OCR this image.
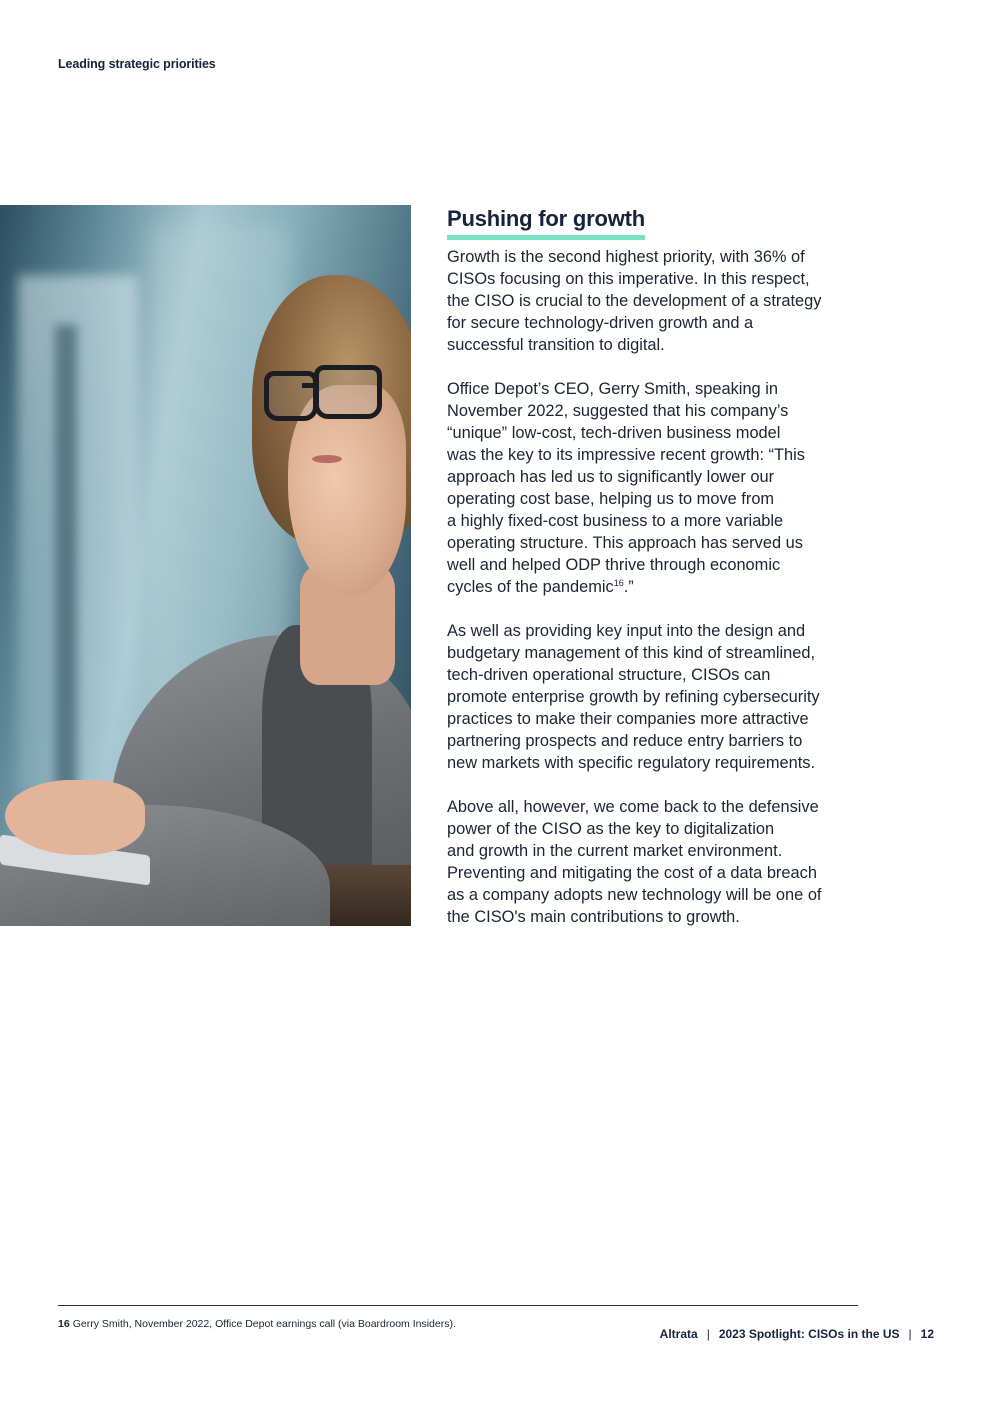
Leading strategic priorities
Pushing for growth

Growth is the second highest priority, with 36% of
CISOs focusing on this imperative. In this respect,
the CISO is crucial to the development of a strategy
for secure technology-driven growth and a
successful transition to digital.

Office Depot’s CEO, Gerry Smith, speaking in
November 2022, suggested that his company’s
“unique” low-cost, tech-driven business model
was the key to its impressive recent growth: “This
approach has led us to significantly lower our
operating cost base, helping us to move from
a highly fixed-cost business to a more variable
operating structure. This approach has served us
well and helped ODP thrive through economic
cycles of the pandemic$^{16}$.”

As well as providing key input into the design and
budgetary management of this kind of streamlined,
tech-driven operational structure, CISOs can
promote enterprise growth by refining cybersecurity
practices to make their companies more attractive
partnering prospects and reduce entry barriers to
new markets with specific regulatory requirements.

Above all, however, we come back to the defensive
power of the CISO as the key to digitalization
and growth in the current market environment.
Preventing and mitigating the cost of a data breach
as a company adopts new technology will be one of
the CISO's main contributions to growth.

16 Gerry Smith, November 2022, Office Depot earnings call (via Boardroom Insiders).
Altrata | 2023 Spotlight: CISOs in the US | 12
